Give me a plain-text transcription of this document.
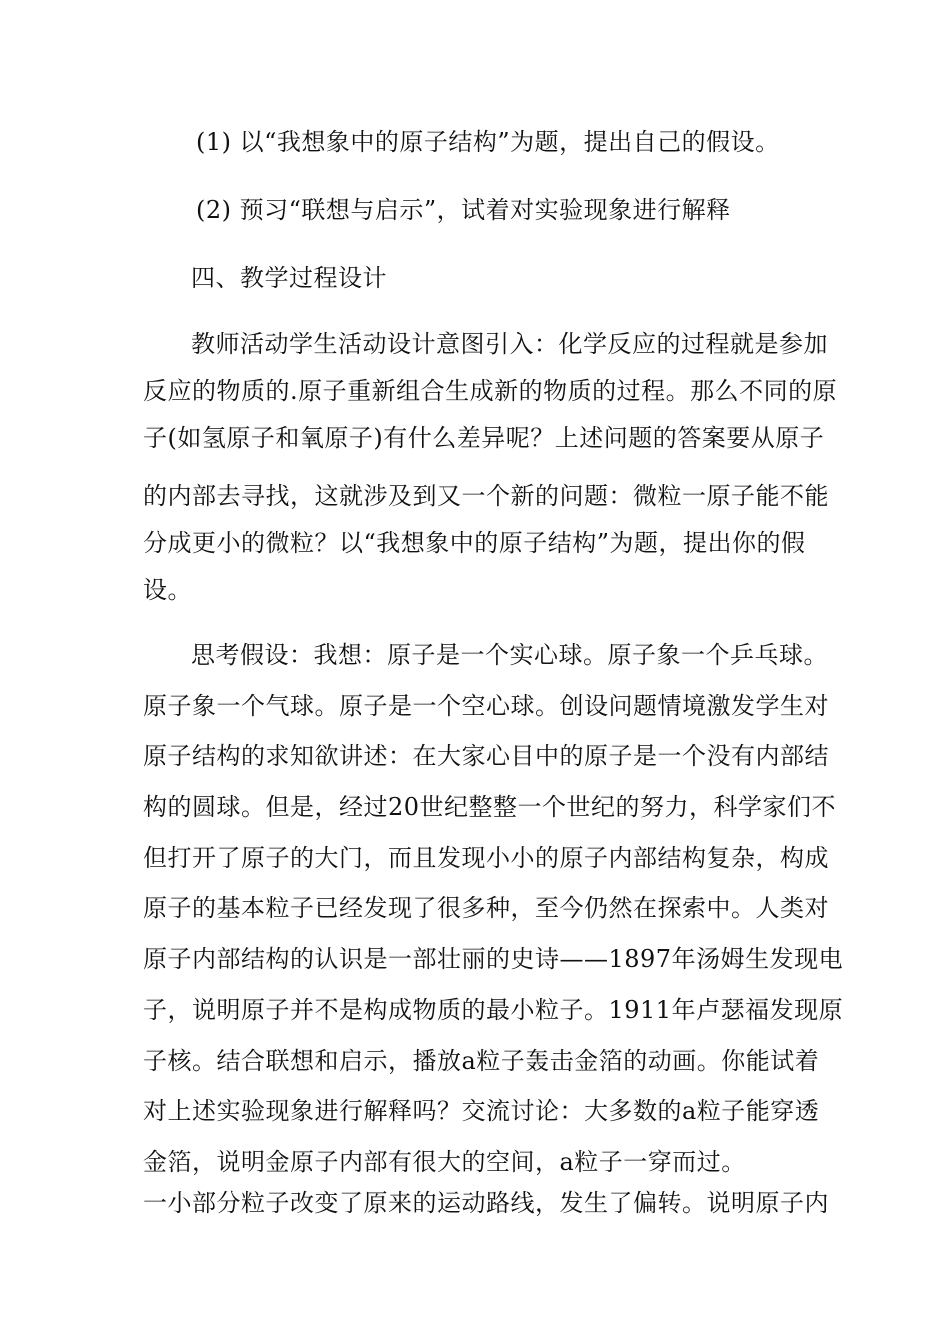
(1) 以“我想象中的原子结构”为题，提出自己的假设。
(2) 预习“联想与启示”，试着对实验现象进行解释
四、教学过程设计
教师活动学生活动设计意图引入：化学反应的过程就是参加
反应的物质的.原子重新组合生成新的物质的过程。那么不同的原
子(如氢原子和氧原子)有什么差异呢？上述问题的答案要从原子
的内部去寻找，这就涉及到又一个新的问题：微粒一原子能不能
分成更小的微粒？以“我想象中的原子结构”为题，提出你的假
设。
思考假设：我想：原子是一个实心球。原子象一个乒乓球。
原子象一个气球。原子是一个空心球。创设问题情境激发学生对
原子结构的求知欲讲述：在大家心目中的原子是一个没有内部结
构的圆球。但是，经过20世纪整整一个世纪的努力，科学家们不
但打开了原子的大门，而且发现小小的原子内部结构复杂，构成
原子的基本粒子已经发现了很多种，至今仍然在探索中。人类对
原子内部结构的认识是一部壮丽的史诗——1897年汤姆生发现电
子，说明原子并不是构成物质的最小粒子。1911年卢瑟福发现原
子核。结合联想和启示，播放a粒子轰击金箔的动画。你能试着
对上述实验现象进行解释吗？交流讨论：大多数的a粒子能穿透
金箔，说明金原子内部有很大的空间，a粒子一穿而过。
一小部分粒子改变了原来的运动路线，发生了偏转。说明原子内
